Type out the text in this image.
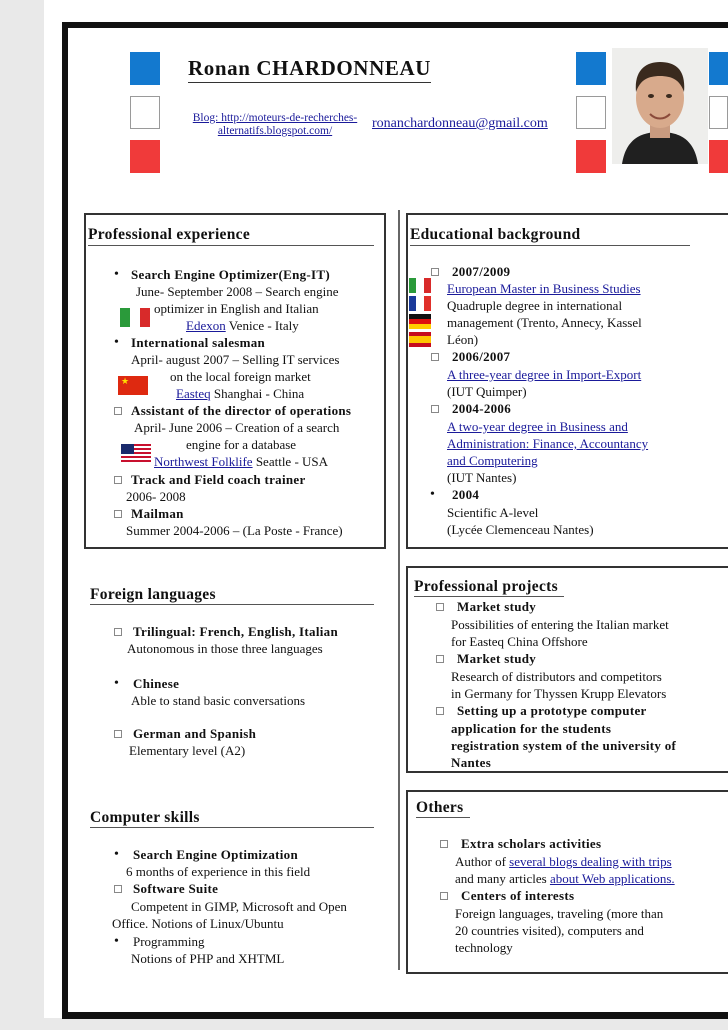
Ronan CHARDONNEAU
Blog: http://moteurs-de-recherches-alternatifs.blogspot.com/	ronanchardonneau@gmail.com
Professional experience
• Search Engine Optimizer(Eng-IT)
June- September 2008 – Search engine
optimizer in English and Italian
Edexon Venice - Italy
• International salesman
April- august 2007 – Selling IT services
on the local foreign market
★
Easteq Shanghai - China
Assistant of the director of operations
April- June 2006 – Creation of a search
engine for a database
Northwest Folklife Seattle - USA
Track and Field coach trainer
2006- 2008
Mailman
Summer 2004-2006 – (La Poste - France)
Educational background
2007/2009
European Master in Business Studies
Quadruple degree in international
management (Trento, Annecy, Kassel
Léon)
2006/2007
A three-year degree in Import-Export
(IUT Quimper)
2004-2006
A two-year degree in Business and
Administration: Finance, Accountancy
and Computering
(IUT Nantes)
• 2004
Scientific A-level
(Lycée Clemenceau Nantes)
Foreign languages
Trilingual: French, English, Italian
Autonomous in those three languages
• Chinese
Able to stand basic conversations
German and Spanish
Elementary level (A2)
Professional projects
Market study
Possibilities of entering the Italian market
for Easteq China Offshore
Market study
Research of distributors and competitors
in Germany for Thyssen Krupp Elevators
Setting up a prototype computer
application for the students
registration system of the university of
Nantes
Computer skills
• Search Engine Optimization
6 months of experience in this field
Software Suite
Competent in GIMP, Microsoft and Open
Office. Notions of Linux/Ubuntu
• Programming
Notions of PHP and XHTML
Others
Extra scholars activities
Author of several blogs dealing with trips
and many articles about Web applications.
Centers of interests
Foreign languages, traveling (more than
20 countries visited), computers and
technology
